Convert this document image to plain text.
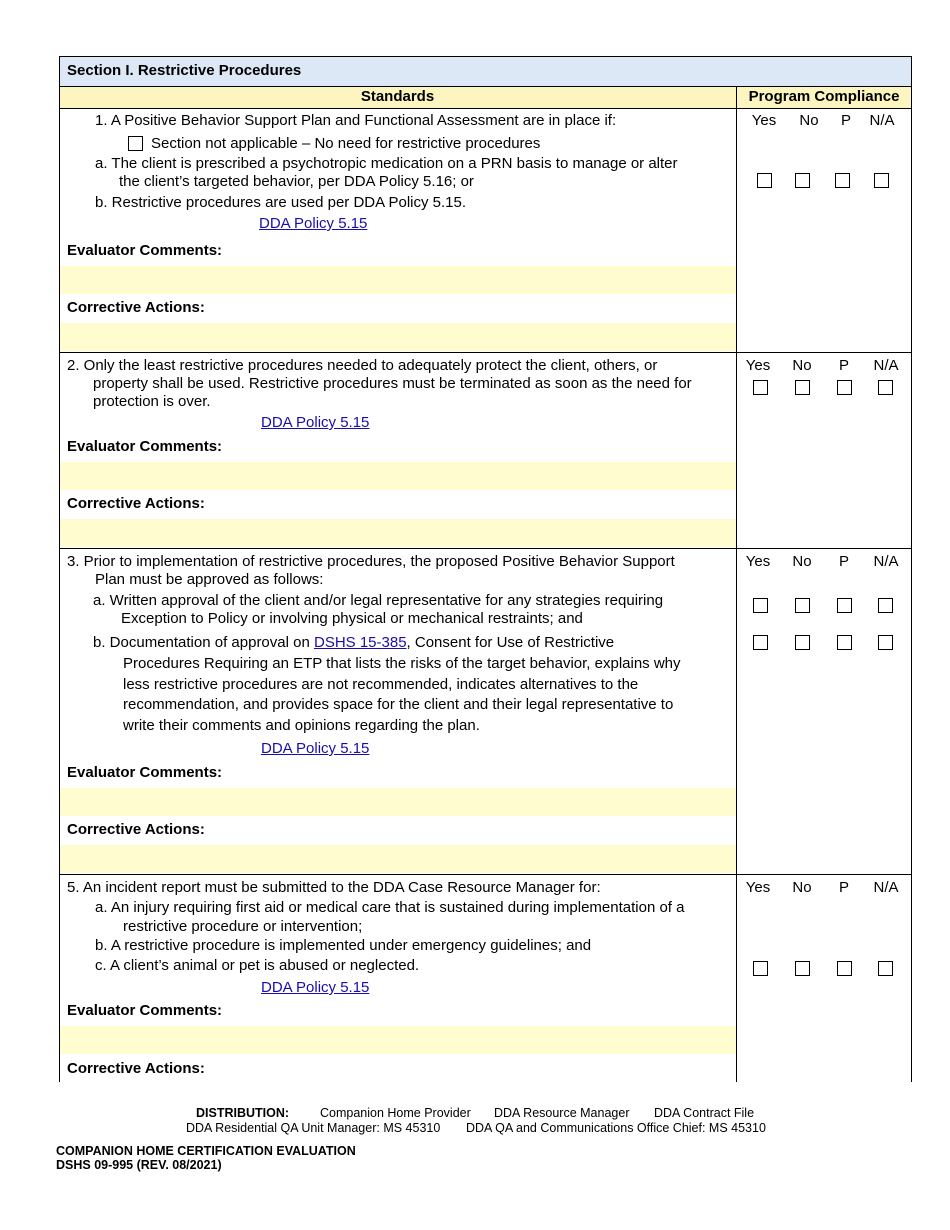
Section I. Restrictive Procedures
Standards	Program Compliance
1. A Positive Behavior Support Plan and Functional Assessment are in place if:
Section not applicable – No need for restrictive procedures
a. The client is prescribed a psychotropic medication on a PRN basis to manage or alter
the client’s targeted behavior, per DDA Policy 5.16; or
b. Restrictive procedures are used per DDA Policy 5.15.
DDA Policy 5.15
Evaluator Comments:
Corrective Actions:
Yes	No	P	N/A
2. Only the least restrictive procedures needed to adequately protect the client, others, or
property shall be used. Restrictive procedures must be terminated as soon as the need for
protection is over.
DDA Policy 5.15
Evaluator Comments:
Corrective Actions:
Yes	No	P	N/A
3. Prior to implementation of restrictive procedures, the proposed Positive Behavior Support
Plan must be approved as follows:
a. Written approval of the client and/or legal representative for any strategies requiring
Exception to Policy or involving physical or mechanical restraints; and
b. Documentation of approval on DSHS 15-385, Consent for Use of Restrictive
Procedures Requiring an ETP that lists the risks of the target behavior, explains why
less restrictive procedures are not recommended, indicates alternatives to the
recommendation, and provides space for the client and their legal representative to
write their comments and opinions regarding the plan.
DDA Policy 5.15
Evaluator Comments:
Corrective Actions:
Yes	No	P	N/A
5. An incident report must be submitted to the DDA Case Resource Manager for:
a. An injury requiring first aid or medical care that is sustained during implementation of a
restrictive procedure or intervention;
b. A restrictive procedure is implemented under emergency guidelines; and
c. A client’s animal or pet is abused or neglected.
DDA Policy 5.15
Evaluator Comments:
Corrective Actions:
Yes	No	P	N/A
DISTRIBUTION: Companion Home Provider DDA Resource Manager DDA Contract File
DDA Residential QA Unit Manager: MS 45310 DDA QA and Communications Office Chief: MS 45310
COMPANION HOME CERTIFICATION EVALUATION
DSHS 09-995 (REV. 08/2021)
